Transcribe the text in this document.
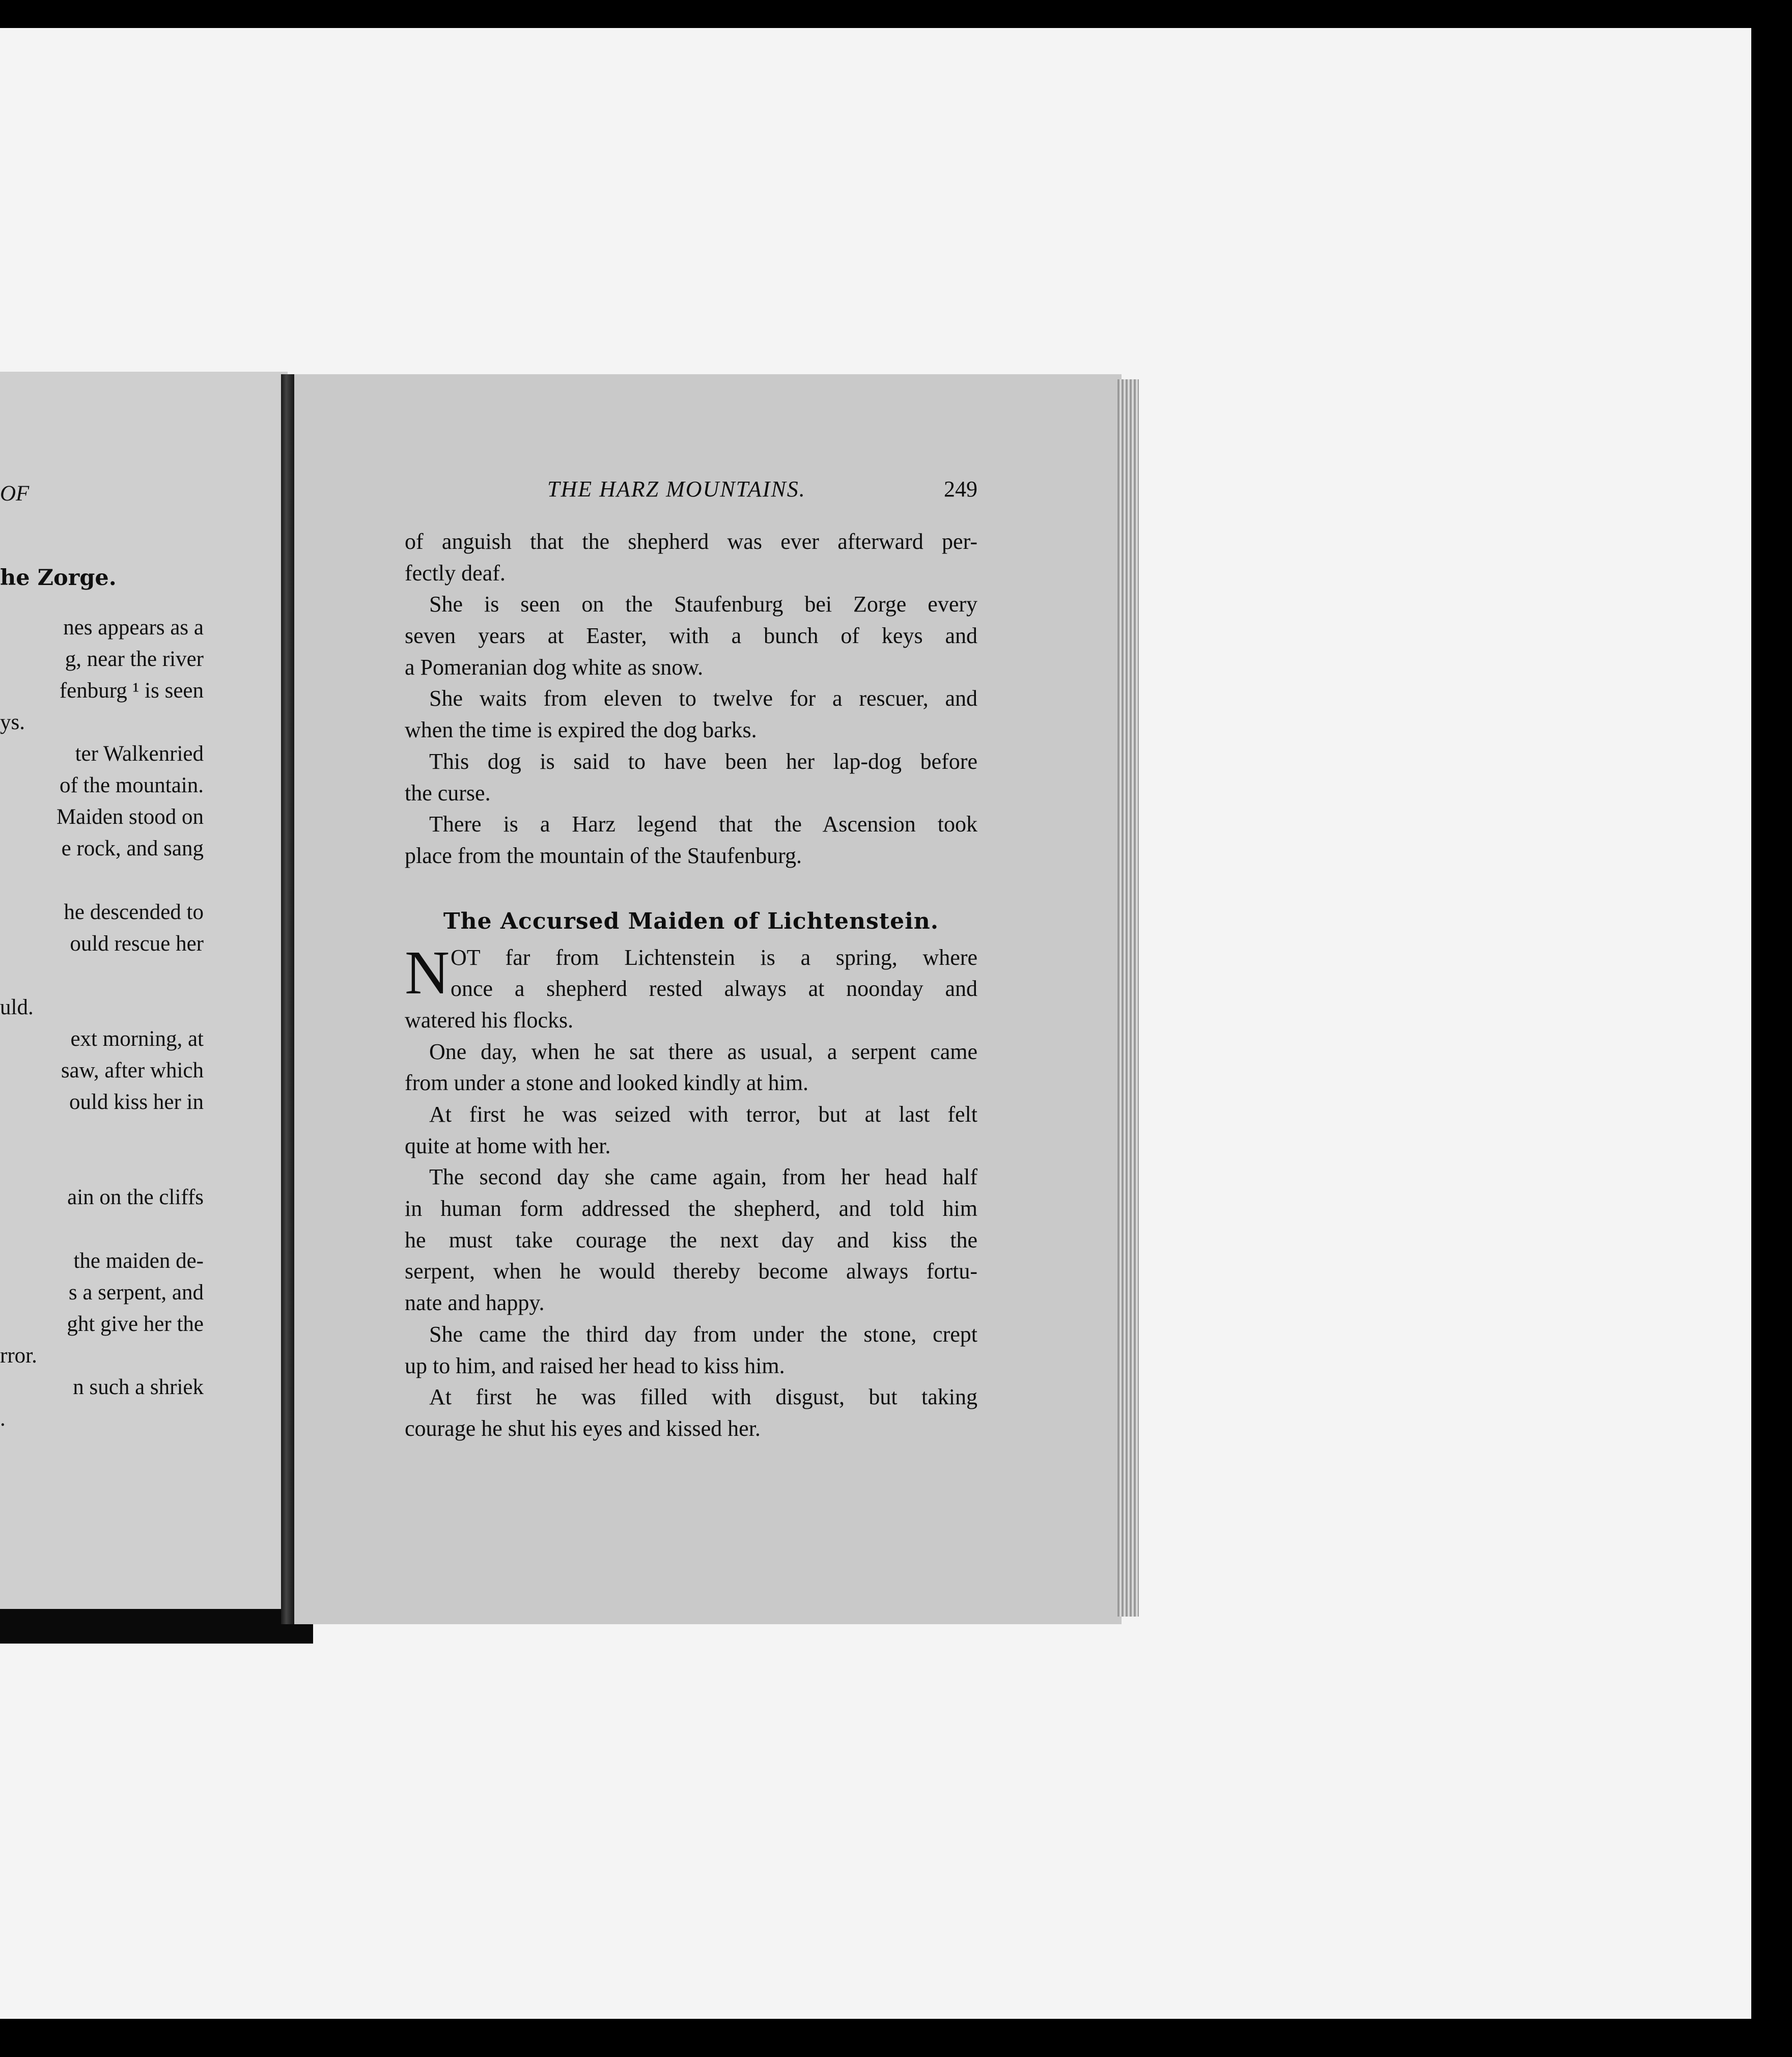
OF
he Zorge.
nes appears as a
g, near the river
fenburg ¹ is seen
ys.
ter Walkenried
of the mountain.
Maiden stood on
e rock, and sang
he descended to
ould rescue her
uld.
ext morning, at
saw, after which
ould kiss her in
ain on the cliffs
the maiden de-
s a serpent, and
ght give her the
rror.
n such a shriek
.
THE HARZ MOUNTAINS.	249
of anguish that the shepherd was ever afterward per-
fectly deaf.
She is seen on the Staufenburg bei Zorge every
seven years at Easter, with a bunch of keys and
a Pomeranian dog white as snow.
She waits from eleven to twelve for a rescuer, and
when the time is expired the dog barks.
This dog is said to have been her lap-dog before
the curse.
There is a Harz legend that the Ascension took
place from the mountain of the Staufenburg.
The Accursed Maiden of Lichtenstein.
N OT far from Lichtenstein is a spring, where
once a shepherd rested always at noonday and
watered his flocks.
One day, when he sat there as usual, a serpent came
from under a stone and looked kindly at him.
At first he was seized with terror, but at last felt
quite at home with her.
The second day she came again, from her head half
in human form addressed the shepherd, and told him
he must take courage the next day and kiss the
serpent, when he would thereby become always fortu-
nate and happy.
She came the third day from under the stone, crept
up to him, and raised her head to kiss him.
At first he was filled with disgust, but taking
courage he shut his eyes and kissed her.
